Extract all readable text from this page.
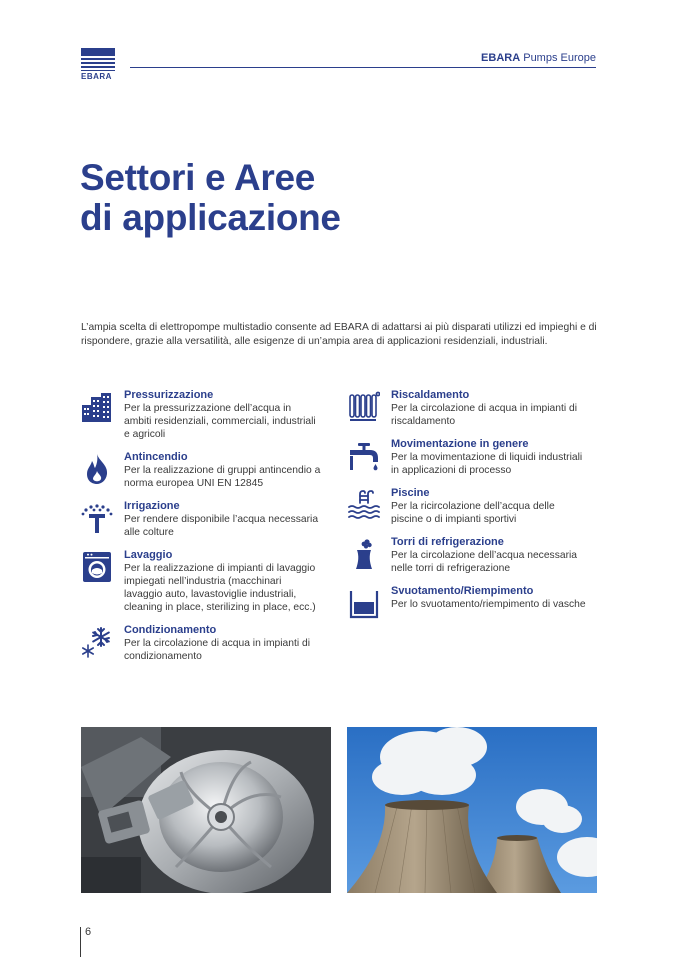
EBARA
EBARA Pumps Europe
Settori e Aree
di applicazione

L’ampia scelta di elettropompe multistadio consente ad EBARA di adattarsi ai più disparati utilizzi ed impieghi e di rispondere, grazie alla versatilità, alle esigenze di un’ampia area di applicazioni residenziali, industriali.

Pressurizzazione

Per la pressurizzazione dell’acqua in ambiti residenziali, commerciali, industriali e agricoli

Antincendio

Per la realizzazione di gruppi antincendio a norma europea UNI EN 12845

Irrigazione

Per rendere disponibile l’acqua necessaria alle colture

Lavaggio

Per la realizzazione di impianti di lavaggio impiegati nell’industria (macchinari lavaggio auto, lavastoviglie industriali, cleaning in place, sterilizing in place, ecc.)

Condizionamento

Per la circolazione di acqua in impianti di condizionamento

Riscaldamento

Per la circolazione di acqua in impianti di riscaldamento

Movimentazione in genere

Per la movimentazione di liquidi industriali in applicazioni di processo

Piscine

Per la ricircolazione dell’acqua delle piscine o di impianti sportivi

Torri di refrigerazione

Per la circolazione dell’acqua necessaria nelle torri di refrigerazione

Svuotamento/Riempimento

Per lo svuotamento/riempimento di vasche

6
